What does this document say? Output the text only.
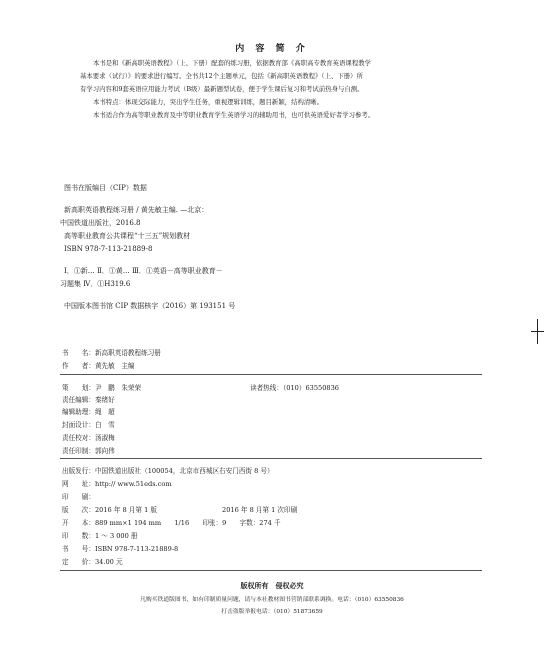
内 容 简 介

本书是和《新高职英语教程》（上、下册）配套的练习册，依据教育部《高职高专教育英语课程教学

基本要求（试行）》的要求进行编写。全书共12个主题单元，包括《新高职英语教程》（上、下册）所

有学习内容和9套英语应用能力考试（B级）最新题型试卷，便于学生课后复习和考试前热身与自测。

本书特点：体现交际能力，突出学生任务，重视逻辑训练，题目新颖，结构清晰。

本书适合作为高等职业教育及中等职业教育学生英语学习的辅助用书，也可供英语爱好者学习参考。

图书在版编目（CIP）数据
新高职英语教程练习册 / 黄先敏主编. —北京：
中国铁道出版社，2016.8
高等职业教育公共课程“十三五”规划教材
ISBN 978-7-113-21889-8
Ⅰ．①新… Ⅱ．①黄… Ⅲ．①英语－高等职业教育－
习题集 Ⅳ．①H319.6
中国版本图书馆 CIP 数据核字（2016）第 193151 号
书　　名：新高职英语教程练习册
作　　者：黄先敏　主编
策　　划：尹　鹏　朱荣荣	读者热线：（010）63550836
责任编辑：秦绪好
编辑助理：绳　超
封面设计：白　雪
责任校对：汤淑梅
责任印制：郭向伟
出版发行：中国铁道出版社（100054，北京市西城区右安门西街 8 号）
网　　址：http:// www.51eds.com
印　　刷：
版　　次：2016 年 8 月第 1 版	2016 年 8 月第 1 次印刷
开　　本：889 mm×1 194 mm　　1/16　　印张：9　　字数：274 千
印　　数：1 ～ 3 000 册
书　　号：ISBN 978-7-113-21889-8
定　　价：34.00 元
版权所有　侵权必究
凡购买铁道版图书，如有印制质量问题，请与本社教材图书营销部联系调换。电话：（010）63550836
打击盗版举报电话：（010）51873659
